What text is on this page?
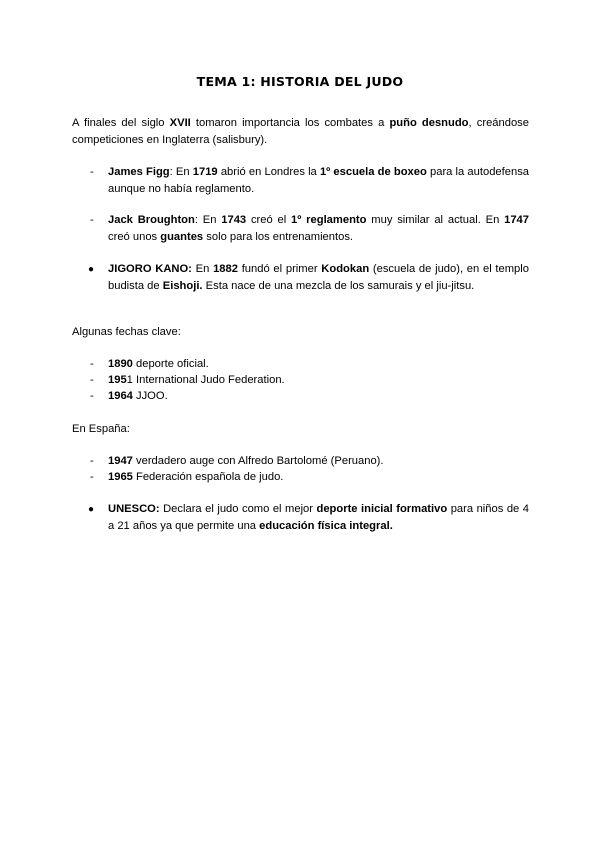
TEMA 1: HISTORIA DEL JUDO

A finales del siglo XVII tomaron importancia los combates a puño desnudo, creándose competiciones en Inglaterra (salisbury).

- James Figg: En 1719 abrió en Londres la 1º escuela de boxeo para la autodefensa aunque no había reglamento.

- Jack Broughton: En 1743 creó el 1º reglamento muy similar al actual. En 1747 creó unos guantes solo para los entrenamientos.

● JIGORO KANO: En 1882 fundó el primer Kodokan (escuela de judo), en el templo budista de Eishoji. Esta nace de una mezcla de los samurais y el jiu-jitsu.

Algunas fechas clave:

- 1890 deporte oficial.

- 1951 International Judo Federation.

- 1964 JJOO.

En España:

- 1947 verdadero auge con Alfredo Bartolomé (Peruano).

- 1965 Federación española de judo.

● UNESCO: Declara el judo como el mejor deporte inicial formativo para niños de 4 a 21 años ya que permite una educación física integral.
